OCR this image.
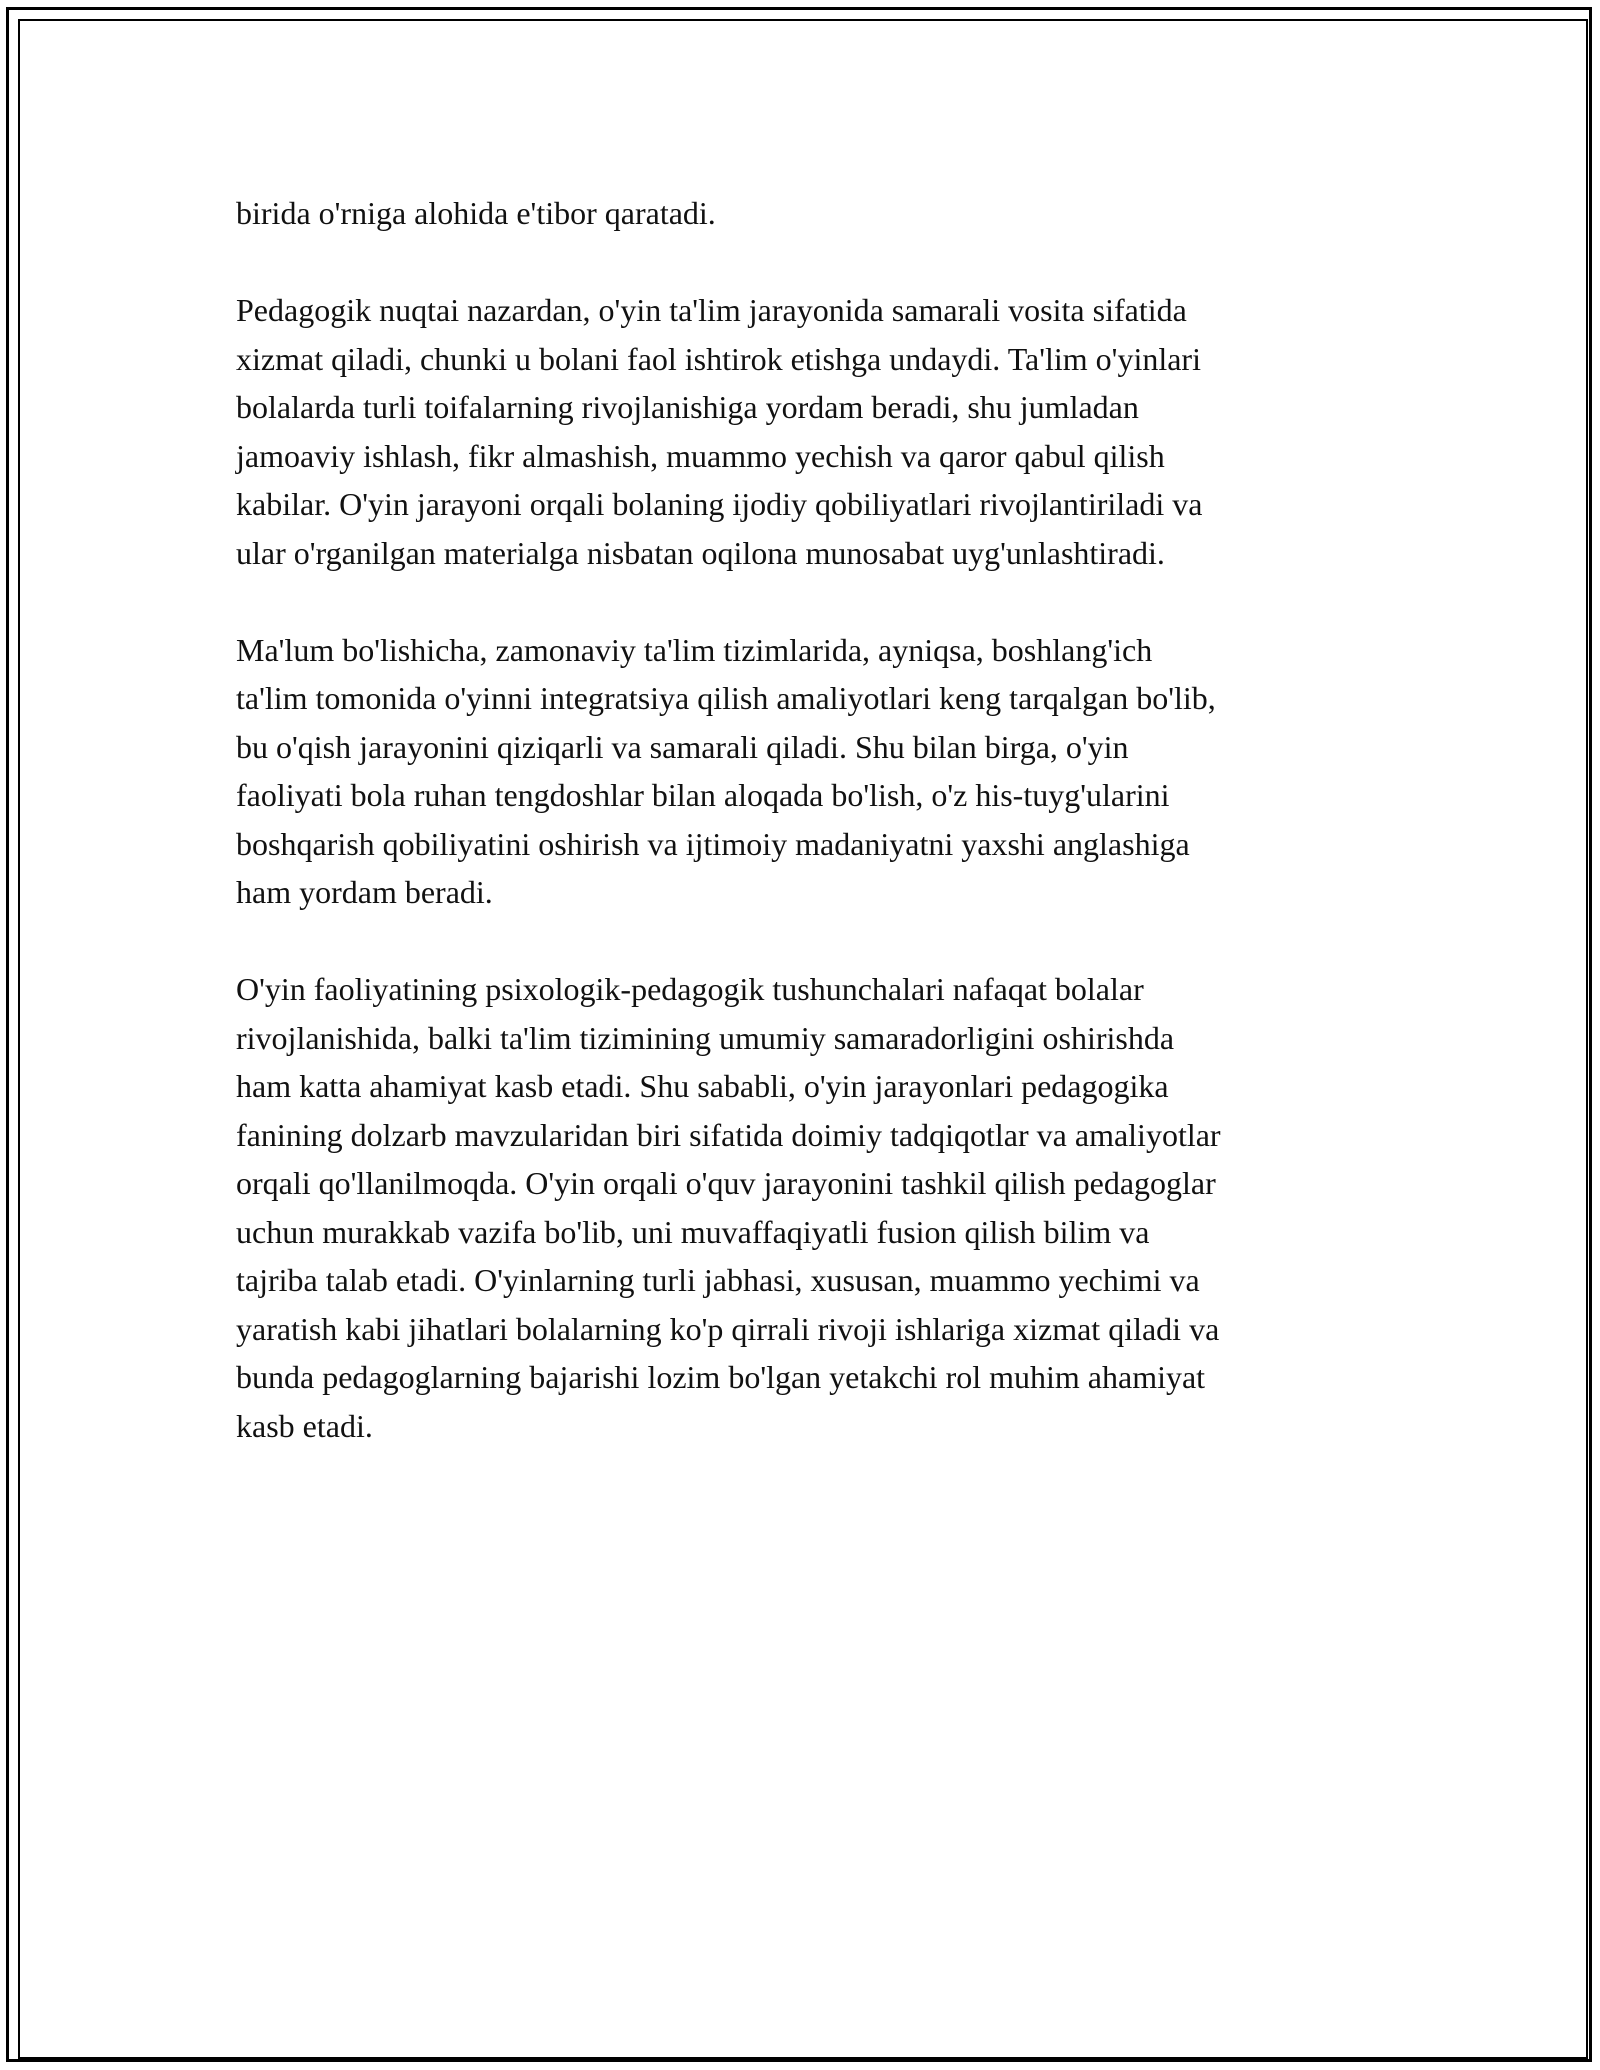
birida o'rniga alohida e'tibor qaratadi.

Pedagogik nuqtai nazardan, o'yin ta'lim jarayonida samarali vosita sifatida
xizmat qiladi, chunki u bolani faol ishtirok etishga undaydi. Ta'lim o'yinlari
bolalarda turli toifalarning rivojlanishiga yordam beradi, shu jumladan
jamoaviy ishlash, fikr almashish, muammo yechish va qaror qabul qilish
kabilar. O'yin jarayoni orqali bolaning ijodiy qobiliyatlari rivojlantiriladi va
ular o'rganilgan materialga nisbatan oqilona munosabat uyg'unlashtiradi.

Ma'lum bo'lishicha, zamonaviy ta'lim tizimlarida, ayniqsa, boshlang'ich
ta'lim tomonida o'yinni integratsiya qilish amaliyotlari keng tarqalgan bo'lib,
bu o'qish jarayonini qiziqarli va samarali qiladi. Shu bilan birga, o'yin
faoliyati bola ruhan tengdoshlar bilan aloqada bo'lish, o'z his-tuyg'ularini
boshqarish qobiliyatini oshirish va ijtimoiy madaniyatni yaxshi anglashiga
ham yordam beradi.

O'yin faoliyatining psixologik-pedagogik tushunchalari nafaqat bolalar
rivojlanishida, balki ta'lim tizimining umumiy samaradorligini oshirishda
ham katta ahamiyat kasb etadi. Shu sababli, o'yin jarayonlari pedagogika
fanining dolzarb mavzularidan biri sifatida doimiy tadqiqotlar va amaliyotlar
orqali qo'llanilmoqda. O'yin orqali o'quv jarayonini tashkil qilish pedagoglar
uchun murakkab vazifa bo'lib, uni muvaffaqiyatli fusion qilish bilim va
tajriba talab etadi. O'yinlarning turli jabhasi, xususan, muammo yechimi va
yaratish kabi jihatlari bolalarning ko'p qirrali rivoji ishlariga xizmat qiladi va
bunda pedagoglarning bajarishi lozim bo'lgan yetakchi rol muhim ahamiyat
kasb etadi.
